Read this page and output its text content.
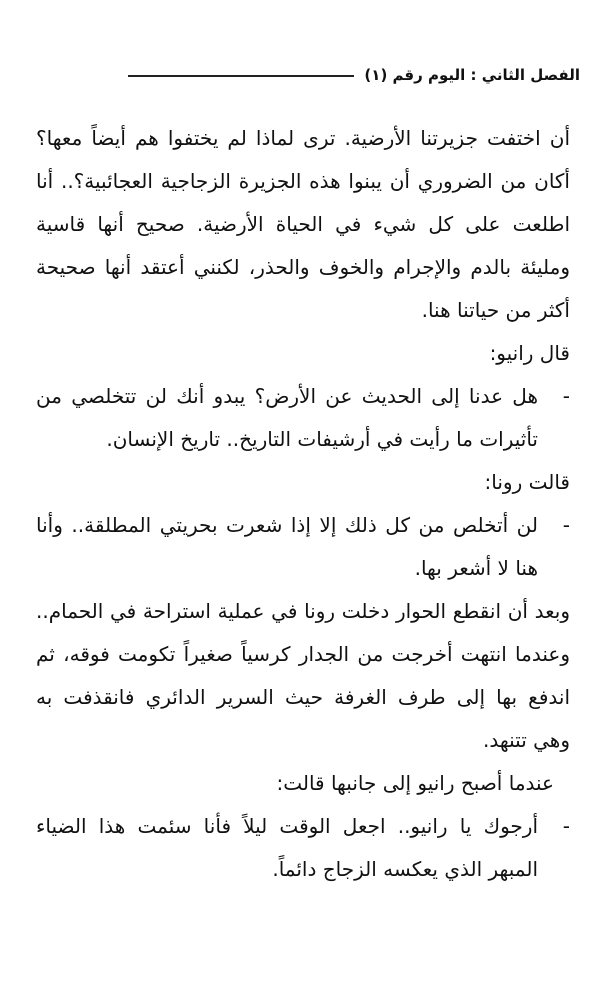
الفصل الثاني : اليوم رقم (١)

أن اختفت جزيرتنا الأرضية. ترى لماذا لم يختفوا هم أيضاً معها؟ أكان من الضروري أن يبنوا هذه الجزيرة الزجاجية العجائبية؟.. أنا اطلعت على كل شيء في الحياة الأرضية. صحيح أنها قاسية ومليئة بالدم والإجرام والخوف والحذر، لكنني أعتقد أنها صحيحة أكثر من حياتنا هنا.

قال رانيو:

-
هل عدنا إلى الحديث عن الأرض؟ يبدو أنك لن تتخلصي من تأثيرات ما رأيت في أرشيفات التاريخ.. تاريخ الإنسان.

قالت رونا:

-
لن أتخلص من كل ذلك إلا إذا شعرت بحريتي المطلقة.. وأنا هنا لا أشعر بها.

وبعد أن انقطع الحوار دخلت رونا في عملية استراحة في الحمام.. وعندما انتهت أخرجت من الجدار كرسياً صغيراً تكومت فوقه، ثم اندفع بها إلى طرف الغرفة حيث السرير الدائري فانقذفت به وهي تتنهد.

عندما أصبح رانيو إلى جانبها قالت:

-
أرجوك يا رانيو.. اجعل الوقت ليلاً فأنا سئمت هذا الضياء المبهر الذي يعكسه الزجاج دائماً.
